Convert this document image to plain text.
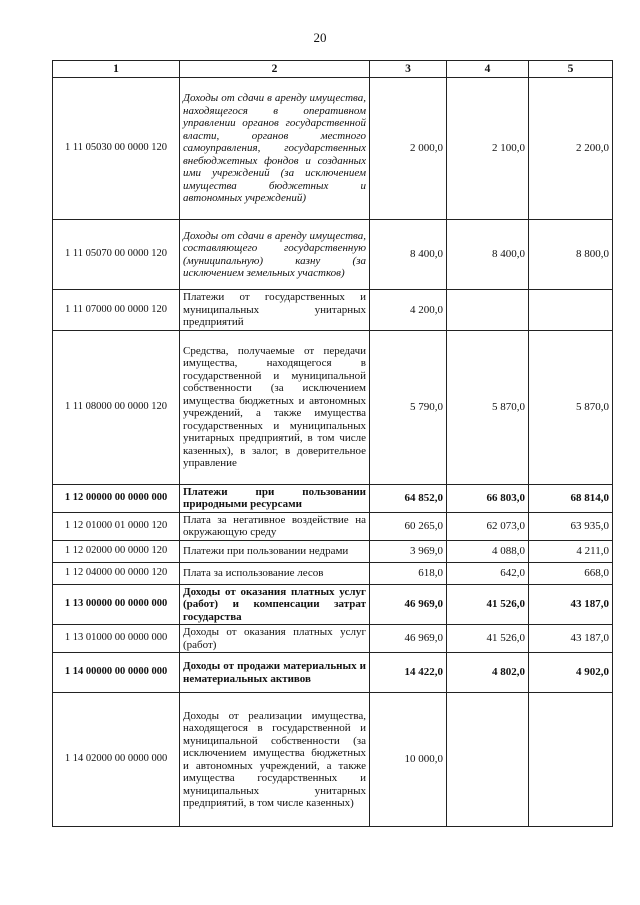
20
1	2	3	4	5
1 11 05030 00 0000 120	Доходы от сдачи в аренду имущества, находящегося в оперативном управлении органов государственной власти, органов местного самоуправления, государственных внебюджетных фондов и созданных ими учреждений (за исключением имущества бюджетных и автономных учреждений)	2 000,0	2 100,0	2 200,0
1 11 05070 00 0000 120	Доходы от сдачи в аренду имущества, составляющего государственную (муниципальную) казну (за исключением земельных участков)	8 400,0	8 400,0	8 800,0
1 11 07000 00 0000 120	Платежи от государственных и муниципальных унитарных предприятий	4 200,0		
1 11 08000 00 0000 120	Средства, получаемые от передачи имущества, находящегося в государственной и муниципальной собственности (за исключением имущества бюджетных и автономных учреждений, а также имущества государственных и муниципальных унитарных предприятий, в том числе казенных), в залог, в доверительное управление	5 790,0	5 870,0	5 870,0
1 12 00000 00 0000 000	Платежи при пользовании природными ресурсами	64 852,0	66 803,0	68 814,0
1 12 01000 01 0000 120	Плата за негативное воздействие на окружающую среду	60 265,0	62 073,0	63 935,0
1 12 02000 00 0000 120	Платежи при пользовании недрами	3 969,0	4 088,0	4 211,0
1 12 04000 00 0000 120	Плата за использование лесов	618,0	642,0	668,0
1 13 00000 00 0000 000	Доходы от оказания платных услуг (работ) и компенсации затрат государства	46 969,0	41 526,0	43 187,0
1 13 01000 00 0000 000	Доходы от оказания платных услуг (работ)	46 969,0	41 526,0	43 187,0
1 14 00000 00 0000 000	Доходы от продажи материальных и нематериальных активов	14 422,0	4 802,0	4 902,0
1 14 02000 00 0000 000	Доходы от реализации имущества, находящегося в государственной и муниципальной собственности (за исключением имущества бюджетных и автономных учреждений, а также имущества государственных и муниципальных унитарных предприятий, в том числе казенных)	10 000,0		
